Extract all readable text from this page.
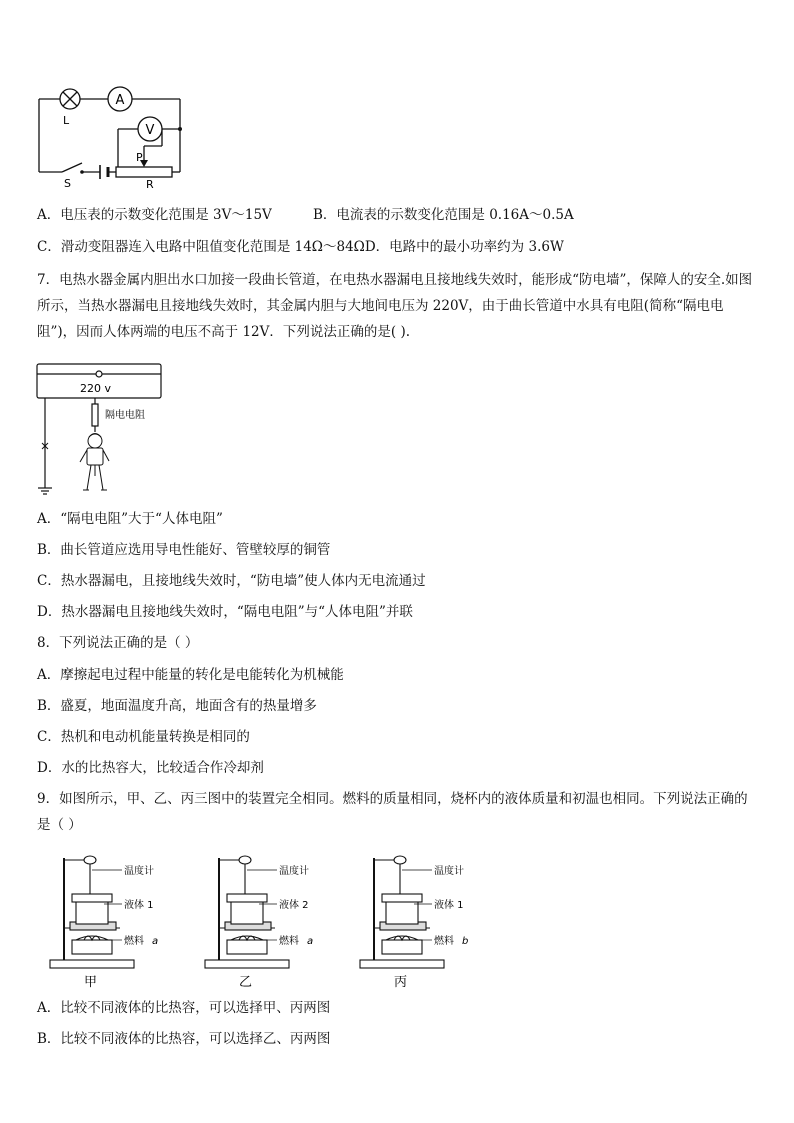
A
V
L
S
P
R
A．电压表的示数变化范围是 3V～15V	B．电流表的示数变化范围是 0.16A～0.5A
C．滑动变阻器连入电路中阻值变化范围是 14Ω～84ΩD．电路中的最小功率约为 3.6W
7．电热水器金属内胆出水口加接一段曲长管道，在电热水器漏电且接地线失效时，能形成“防电墙”，保障人的安全.如图所示，当热水器漏电且接地线失效时，其金属内胆与大地间电压为 220V，由于曲长管道中水具有电阻(简称“隔电电阻”)，因而人体两端的电压不高于 12V．下列说法正确的是( ).
220 v
隔电电阻
A．“隔电电阻”大于“人体电阻”
B．曲长管道应选用导电性能好、管壁较厚的铜管
C．热水器漏电，且接地线失效时，“防电墙”使人体内无电流通过
D．热水器漏电且接地线失效时，“隔电电阻”与“人体电阻”并联
8．下列说法正确的是（ ）
A．摩擦起电过程中能量的转化是电能转化为机械能
B．盛夏，地面温度升高，地面含有的热量增多
C．热机和电动机能量转换是相同的
D．水的比热容大，比较适合作冷却剂
9．如图所示，甲、乙、丙三图中的装置完全相同。燃料的质量相同，烧杯内的液体质量和初温也相同。下列说法正确的是（ ）
温度计
液体 1
燃料 a
甲
温度计
液体 2
燃料 a
乙
温度计
液体 1
燃料 b
丙
A．比较不同液体的比热容，可以选择甲、丙两图
B．比较不同液体的比热容，可以选择乙、丙两图
